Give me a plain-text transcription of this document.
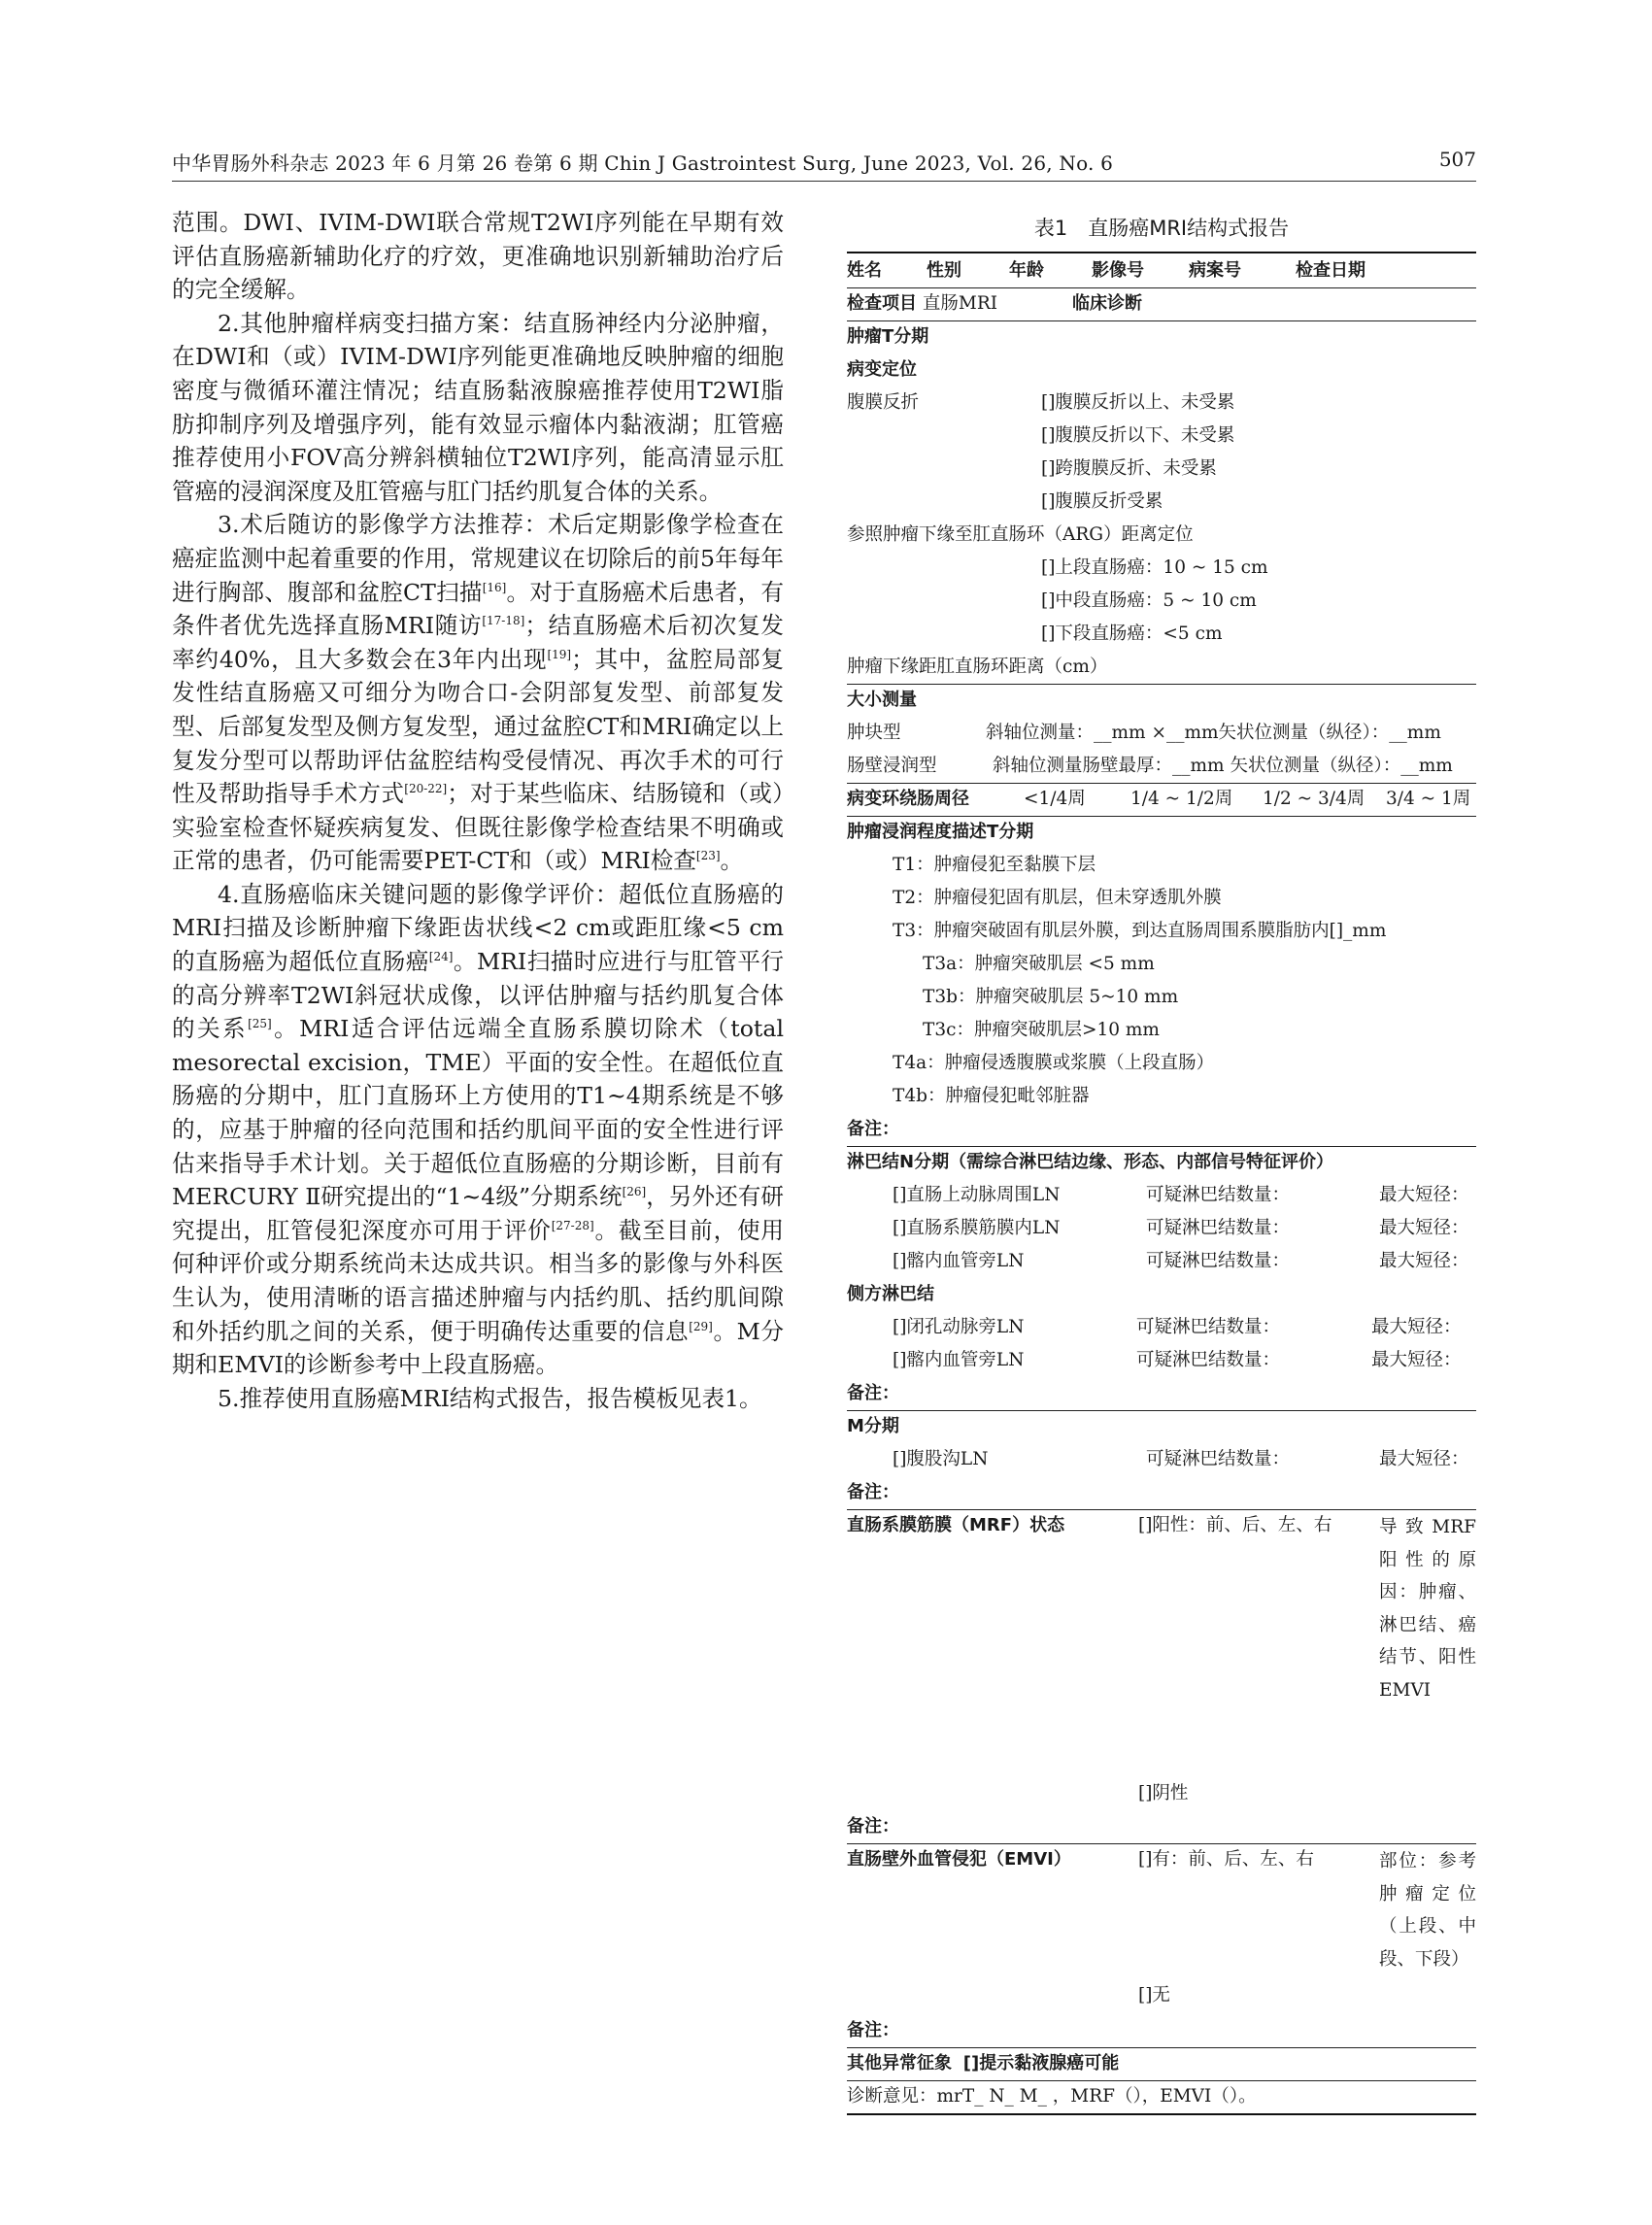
中华胃肠外科杂志 2023 年 6 月第 26 卷第 6 期 Chin J Gastrointest Surg, June 2023, Vol. 26, No. 6	507

范围。DWI、IVIM-DWI联合常规T2WI序列能在早期有效评估直肠癌新辅助化疗的疗效，更准确地识别新辅助治疗后的完全缓解。

2.其他肿瘤样病变扫描方案：结直肠神经内分泌肿瘤，在DWI和（或）IVIM-DWI序列能更准确地反映肿瘤的细胞密度与微循环灌注情况；结直肠黏液腺癌推荐使用T2WI脂肪抑制序列及增强序列，能有效显示瘤体内黏液湖；肛管癌推荐使用小FOV高分辨斜横轴位T2WI序列，能高清显示肛管癌的浸润深度及肛管癌与肛门括约肌复合体的关系。

3.术后随访的影像学方法推荐：术后定期影像学检查在癌症监测中起着重要的作用，常规建议在切除后的前5年每年进行胸部、腹部和盆腔CT扫描[16]。对于直肠癌术后患者，有条件者优先选择直肠MRI随访[17-18]；结直肠癌术后初次复发率约40%，且大多数会在3年内出现[19]；其中，盆腔局部复发性结直肠癌又可细分为吻合口-会阴部复发型、前部复发型、后部复发型及侧方复发型，通过盆腔CT和MRI确定以上复发分型可以帮助评估盆腔结构受侵情况、再次手术的可行性及帮助指导手术方式[20-22]；对于某些临床、结肠镜和（或）实验室检查怀疑疾病复发、但既往影像学检查结果不明确或正常的患者，仍可能需要PET-CT和（或）MRI检查[23]。

4.直肠癌临床关键问题的影像学评价：超低位直肠癌的MRI扫描及诊断肿瘤下缘距齿状线<2 cm或距肛缘<5 cm的直肠癌为超低位直肠癌[24]。MRI扫描时应进行与肛管平行的高分辨率T2WI斜冠状成像，以评估肿瘤与括约肌复合体的关系[25]。MRI适合评估远端全直肠系膜切除术（total mesorectal excision，TME）平面的安全性。在超低位直肠癌的分期中，肛门直肠环上方使用的T1~4期系统是不够的，应基于肿瘤的径向范围和括约肌间平面的安全性进行评估来指导手术计划。关于超低位直肠癌的分期诊断，目前有MERCURY Ⅱ研究提出的“1~4级”分期系统[26]，另外还有研究提出，肛管侵犯深度亦可用于评价[27-28]。截至目前，使用何种评价或分期系统尚未达成共识。相当多的影像与外科医生认为，使用清晰的语言描述肿瘤与内括约肌、括约肌间隙和外括约肌之间的关系，便于明确传达重要的信息[29]。M分期和EMVI的诊断参考中上段直肠癌。

5.推荐使用直肠癌MRI结构式报告，报告模板见表1。

表1　直肠癌MRI结构式报告
姓名	性别	年龄	影像号	病案号	检查日期
检查项目 直肠MRI	临床诊断
肿瘤T分期
病变定位
腹膜反折	[]腹膜反折以上、未受累
[]腹膜反折以下、未受累
[]跨腹膜反折、未受累
[]腹膜反折受累
参照肿瘤下缘至肛直肠环（ARG）距离定位
[]上段直肠癌：10 ~ 15 cm
[]中段直肠癌：5 ~ 10 cm
[]下段直肠癌：<5 cm
肿瘤下缘距肛直肠环距离（cm）
大小测量
肿块型	斜轴位测量：__mm ×__mm矢状位测量（纵径）：__mm
肠壁浸润型	斜轴位测量肠壁最厚：__mm 矢状位测量（纵径）：__mm
病变环绕肠周径	<1/4周 1/4 ~ 1/2周 1/2 ~ 3/4周 3/4 ~ 1周
肿瘤浸润程度描述T分期
T1：肿瘤侵犯至黏膜下层
T2：肿瘤侵犯固有肌层，但未穿透肌外膜
T3：肿瘤突破固有肌层外膜，到达直肠周围系膜脂肪内[]_mm
T3a：肿瘤突破肌层 <5 mm
T3b：肿瘤突破肌层 5~10 mm
T3c：肿瘤突破肌层>10 mm
T4a：肿瘤侵透腹膜或浆膜（上段直肠）
T4b：肿瘤侵犯毗邻脏器
备注：
淋巴结N分期（需综合淋巴结边缘、形态、内部信号特征评价）
[]直肠上动脉周围LN	可疑淋巴结数量：	最大短径：
[]直肠系膜筋膜内LN	可疑淋巴结数量：	最大短径：
[]髂内血管旁LN	可疑淋巴结数量：	最大短径：
侧方淋巴结
[]闭孔动脉旁LN	可疑淋巴结数量：	最大短径：
[]髂内血管旁LN	可疑淋巴结数量：	最大短径：
备注：
M分期
[]腹股沟LN	可疑淋巴结数量：	最大短径：
备注：
直肠系膜筋膜（MRF）状态	[]阳性：前、后、左、右	导致MRF阳性的原因：肿瘤、淋巴结、癌结节、阳性EMVI
[]阴性
备注：
直肠壁外血管侵犯（EMVI）	[]有：前、后、左、右	部位：参考肿瘤定位（上段、中段、下段）
[]无
备注：
其他异常征象 []提示黏液腺癌可能
诊断意见：mrT_ N_ M_ ，MRF（），EMVI（）。
